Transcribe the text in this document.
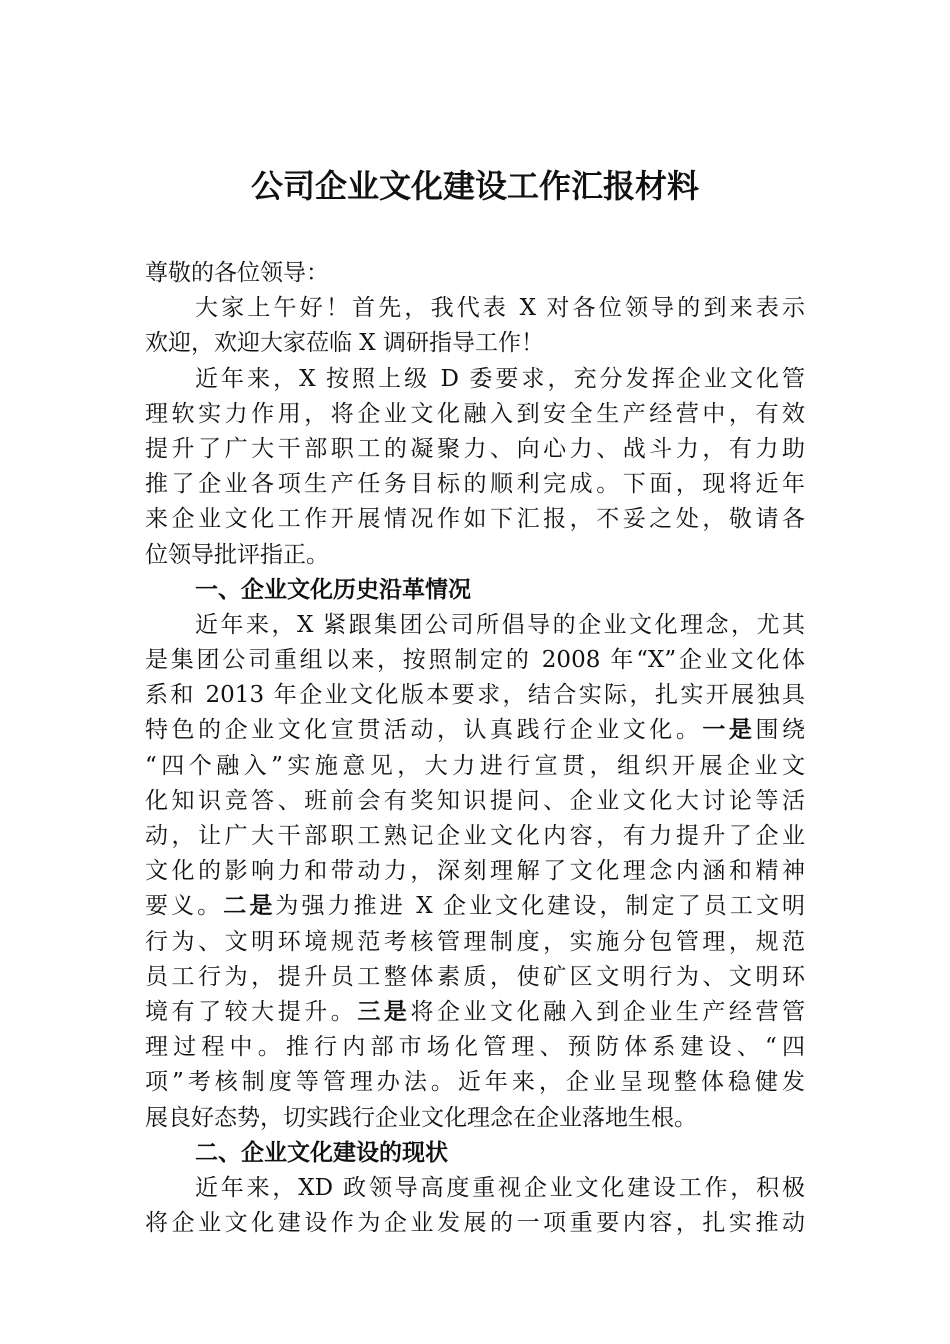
公司企业文化建设工作汇报材料
尊敬的各位领导：
大家上午好！首先，我代表 X 对各位领导的到来表示
欢迎，欢迎大家莅临 X 调研指导工作！
近年来，X 按照上级 D 委要求，充分发挥企业文化管
理软实力作用，将企业文化融入到安全生产经营中，有效
提升了广大干部职工的凝聚力、向心力、战斗力，有力助
推了企业各项生产任务目标的顺利完成。下面，现将近年
来企业文化工作开展情况作如下汇报，不妥之处，敬请各
位领导批评指正。
一、企业文化历史沿革情况
近年来，X 紧跟集团公司所倡导的企业文化理念，尤其
是集团公司重组以来，按照制定的 2008 年“X”企业文化体
系和 2013 年企业文化版本要求，结合实际，扎实开展独具
特色的企业文化宣贯活动，认真践行企业文化。一是围绕
“四个融入”实施意见，大力进行宣贯，组织开展企业文
化知识竞答、班前会有奖知识提问、企业文化大讨论等活
动，让广大干部职工熟记企业文化内容，有力提升了企业
文化的影响力和带动力，深刻理解了文化理念内涵和精神
要义。二是为强力推进 X 企业文化建设，制定了员工文明
行为、文明环境规范考核管理制度，实施分包管理，规范
员工行为，提升员工整体素质，使矿区文明行为、文明环
境有了较大提升。三是将企业文化融入到企业生产经营管
理过程中。推行内部市场化管理、预防体系建设、“四
项”考核制度等管理办法。近年来，企业呈现整体稳健发
展良好态势，切实践行企业文化理念在企业落地生根。
二、企业文化建设的现状
近年来，XD 政领导高度重视企业文化建设工作，积极
将企业文化建设作为企业发展的一项重要内容，扎实推动
